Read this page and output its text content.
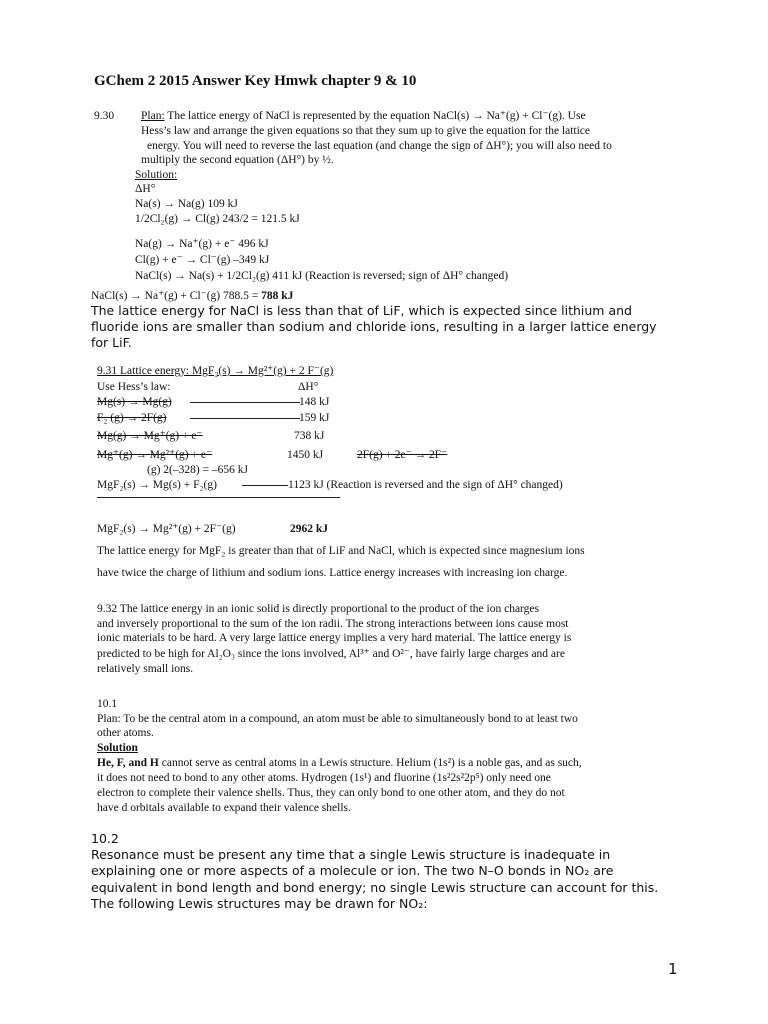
GChem 2 2015 Answer Key Hmwk chapter 9 & 10
9.30 Plan: The lattice energy of NaCl is represented by the equation NaCl(s) → Na⁺(g) + Cl⁻(g). Use
Hess’s law and arrange the given equations so that they sum up to give the equation for the lattice
energy. You will need to reverse the last equation (and change the sign of ΔH°); you will also need to
multiply the second equation (ΔH°) by ½.
Solution:
ΔH°
Na(s) → Na(g) 109 kJ
1/2Cl₂(g) → Cl(g) 243/2 = 121.5 kJ
Na(g) → Na⁺(g) + e⁻ 496 kJ
Cl(g) + e⁻ → Cl⁻(g) –349 kJ
NaCl(s) → Na(s) + 1/2Cl₂(g) 411 kJ (Reaction is reversed; sign of ΔH° changed)
NaCl(s) → Na⁺(g) + Cl⁻(g) 788.5 = 788 kJ
The lattice energy for NaCl is less than that of LiF, which is expected since lithium and
fluoride ions are smaller than sodium and chloride ions, resulting in a larger lattice energy
for LiF.
9.31 Lattice energy: MgF₂(s) → Mg²⁺(g) + 2 F⁻(g)
Use Hess’s law:	ΔH°
Mg(s) → Mg(g)	148 kJ
F₂ (g) → 2F(g)	159 kJ
Mg(g) → Mg⁺(g) + e⁻	738 kJ
Mg⁺(g) → Mg²⁺(g) + e⁻	1450 kJ	2F(g) + 2e⁻ → 2F⁻
(g) 2(–328) = –656 kJ
MgF₂(s) → Mg(s) + F₂(g)	1123 kJ (Reaction is reversed and the sign of ΔH° changed)
MgF₂(s) → Mg²⁺(g) + 2F⁻(g)	2962 kJ
The lattice energy for MgF₂ is greater than that of LiF and NaCl, which is expected since magnesium ions
have twice the charge of lithium and sodium ions. Lattice energy increases with increasing ion charge.
9.32 The lattice energy in an ionic solid is directly proportional to the product of the ion charges
and inversely proportional to the sum of the ion radii. The strong interactions between ions cause most
ionic materials to be hard. A very large lattice energy implies a very hard material. The lattice energy is
predicted to be high for Al₂O₃ since the ions involved, Al³⁺ and O²⁻, have fairly large charges and are
relatively small ions.
10.1
Plan: To be the central atom in a compound, an atom must be able to simultaneously bond to at least two
other atoms.
Solution
He, F, and H cannot serve as central atoms in a Lewis structure. Helium (1s²) is a noble gas, and as such,
it does not need to bond to any other atoms. Hydrogen (1s¹) and fluorine (1s²2s²2p⁵) only need one
electron to complete their valence shells. Thus, they can only bond to one other atom, and they do not
have d orbitals available to expand their valence shells.
10.2
Resonance must be present any time that a single Lewis structure is inadequate in
explaining one or more aspects of a molecule or ion. The two N–O bonds in NO₂ are
equivalent in bond length and bond energy; no single Lewis structure can account for this.
The following Lewis structures may be drawn for NO₂:
1
